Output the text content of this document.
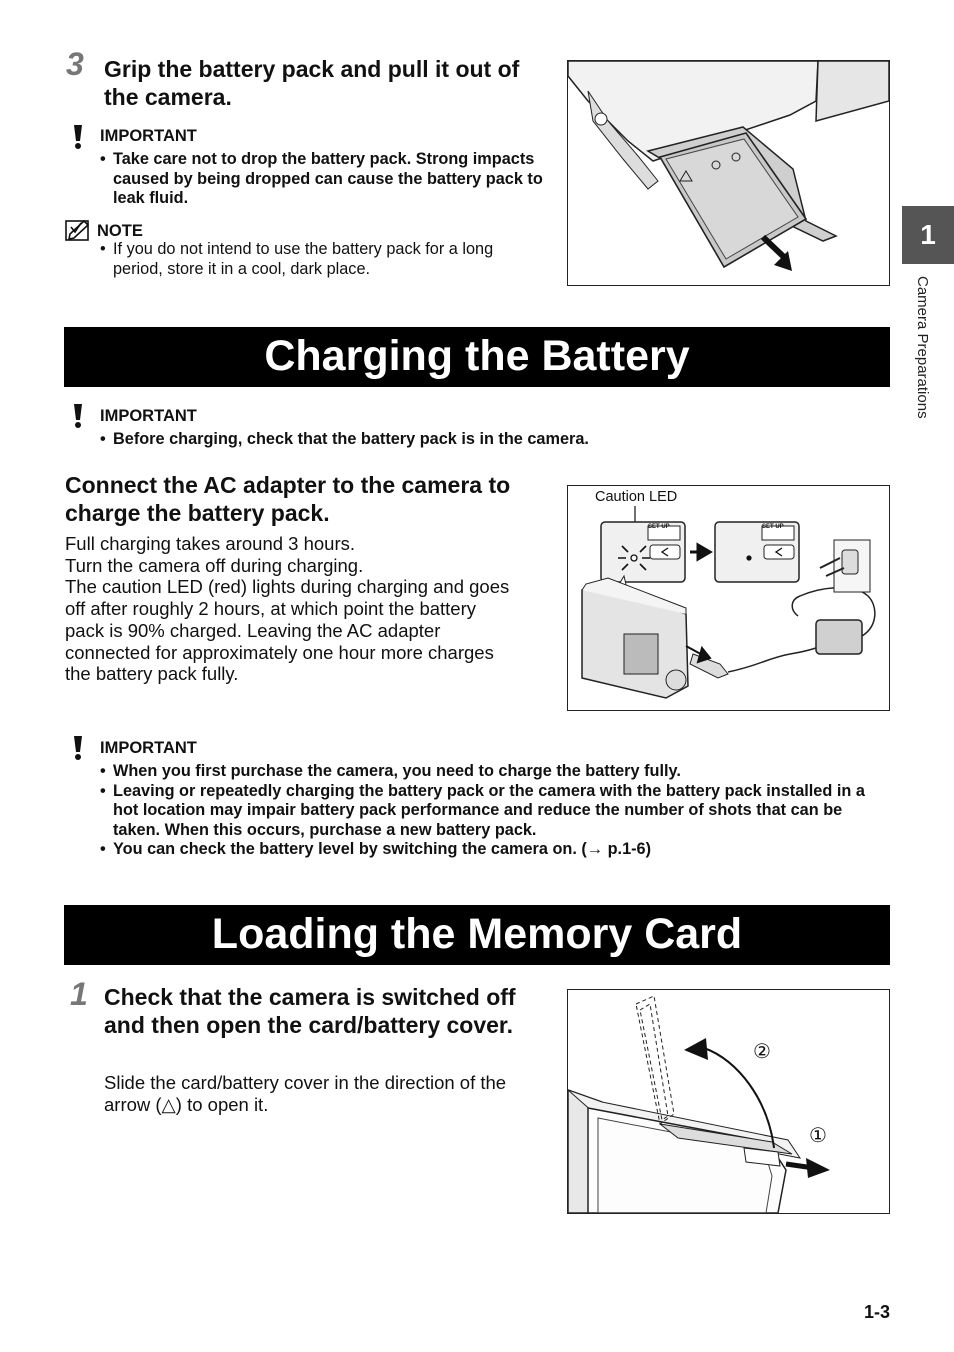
1
Camera Preparations
3 Grip the battery pack and pull it out of the camera.
IMPORTANT
• Take care not to drop the battery pack. Strong impacts caused by being dropped can cause the battery pack to leak fluid.
NOTE
• If you do not intend to use the battery pack for a long period, store it in a cool, dark place.
Charging the Battery
IMPORTANT
• Before charging, check that the battery pack is in the camera.
Connect the AC adapter to the camera to charge the battery pack.
Full charging takes around 3 hours.
Turn the camera off during charging.
The caution LED (red) lights during charging and goes
off after roughly 2 hours, at which point the battery
pack is 90% charged. Leaving the AC adapter
connected for approximately one hour more charges
the battery pack fully.
Caution LED
SET UP	SET UP
IMPORTANT
• When you first purchase the camera, you need to charge the battery fully.
• Leaving or repeatedly charging the battery pack or the camera with the battery pack installed in a hot location may impair battery pack performance and reduce the number of shots that can be taken. When this occurs, purchase a new battery pack.
• You can check the battery level by switching the camera on. (→ p.1-6)
Loading the Memory Card
1 Check that the camera is switched off and then open the card/battery cover.
Slide the card/battery cover in the direction of the arrow (△) to open it.
②
①
1-3
